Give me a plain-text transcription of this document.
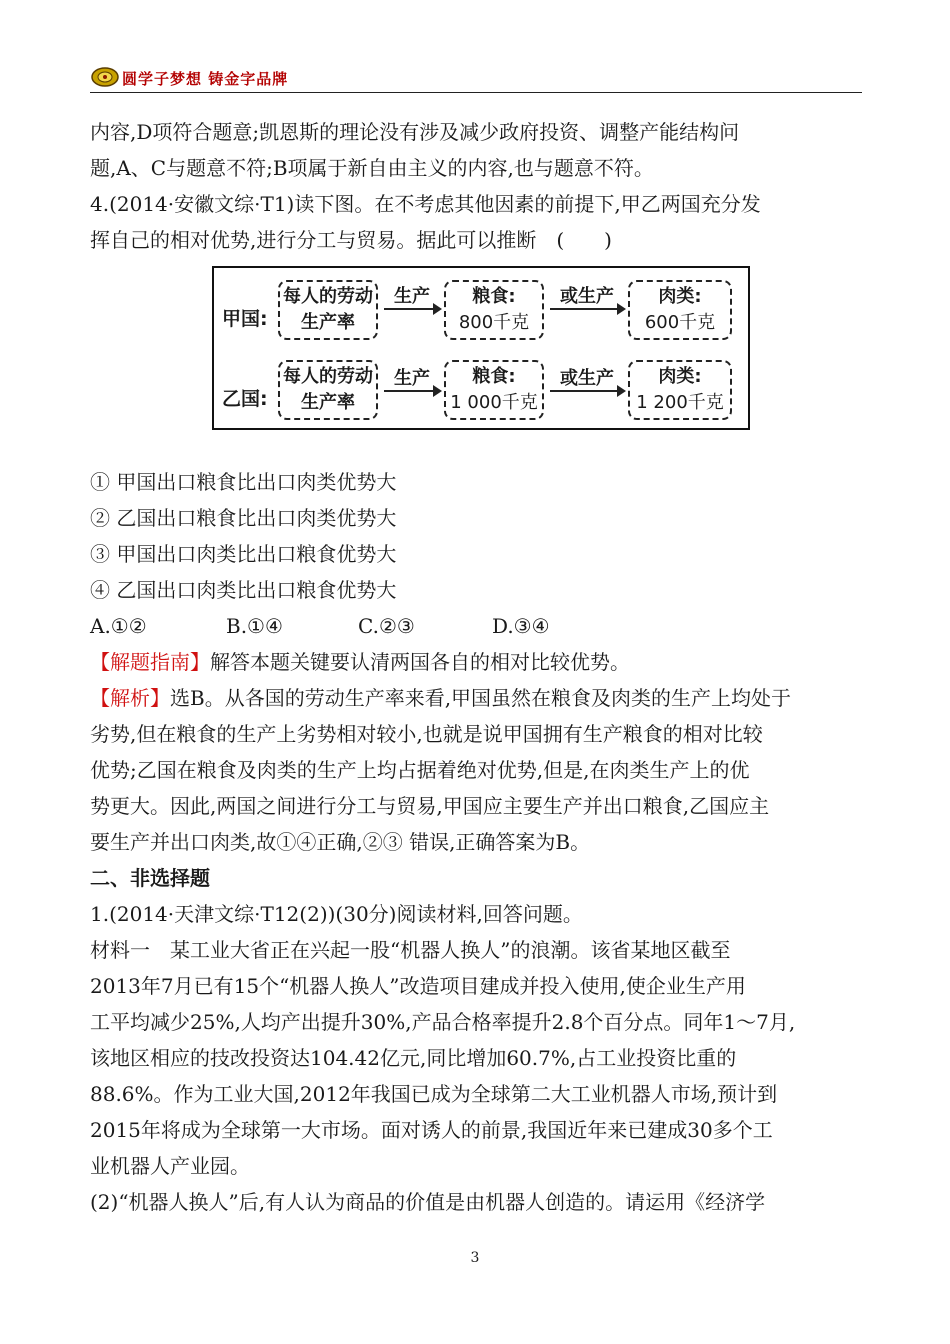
圆学子梦想 铸金字品牌
内容,D项符合题意;凯恩斯的理论没有涉及减少政府投资、调整产能结构问
题,A、C与题意不符;B项属于新自由主义的内容,也与题意不符。
4.(2014·安徽文综·T1)读下图。在不考虑其他因素的前提下,甲乙两国充分发
挥自己的相对优势,进行分工与贸易。据此可以推断　(　　)
甲国:
每人的劳动生产率
生产	粮食:
800千克
或生产	肉类:
600千克
乙国:
每人的劳动生产率
生产	粮食:
1 000千克
或生产	肉类:
1 200千克
① 甲国出口粮食比出口肉类优势大
② 乙国出口粮食比出口肉类优势大
③ 甲国出口肉类比出口粮食优势大
④ 乙国出口肉类比出口粮食优势大
A.①②	B.①④	C.②③	D.③④
【解题指南】解答本题关键要认清两国各自的相对比较优势。
【解析】选B。从各国的劳动生产率来看,甲国虽然在粮食及肉类的生产上均处于
劣势,但在粮食的生产上劣势相对较小,也就是说甲国拥有生产粮食的相对比较
优势;乙国在粮食及肉类的生产上均占据着绝对优势,但是,在肉类生产上的优
势更大。因此,两国之间进行分工与贸易,甲国应主要生产并出口粮食,乙国应主
要生产并出口肉类,故①④正确,②③ 错误,正确答案为B。
二、非选择题
1.(2014·天津文综·T12(2))(30分)阅读材料,回答问题。
材料一　某工业大省正在兴起一股“机器人换人”的浪潮。该省某地区截至
2013年7月已有15个“机器人换人”改造项目建成并投入使用,使企业生产用
工平均减少25%,人均产出提升30%,产品合格率提升2.8个百分点。同年1～7月,
该地区相应的技改投资达104.42亿元,同比增加60.7%,占工业投资比重的
88.6%。作为工业大国,2012年我国已成为全球第二大工业机器人市场,预计到
2015年将成为全球第一大市场。面对诱人的前景,我国近年来已建成30多个工
业机器人产业园。
(2)“机器人换人”后,有人认为商品的价值是由机器人创造的。请运用《经济学
3
